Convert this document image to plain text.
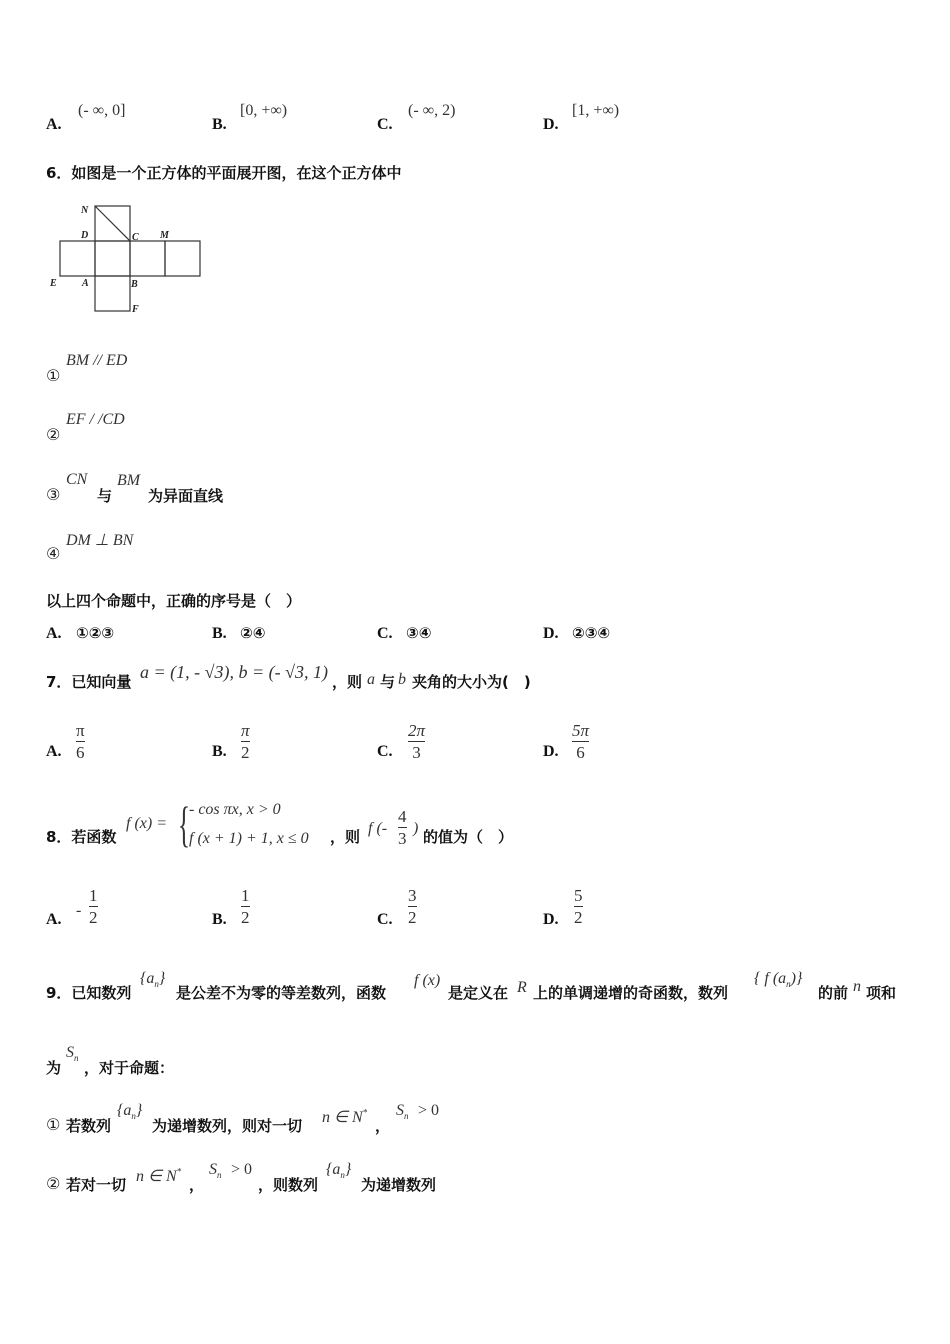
A.
(- ∞, 0]
B.
[0, +∞)
C.
(- ∞, 2)
D.
[1, +∞)
6．如图是一个正方体的平面展开图，在这个正方体中
N
D	C M
E	A	B
F
①
BM // ED
②
EF / /CD
③
CN
与
BM
为异面直线
④
DM ⊥ BN
以上四个命题中，正确的序号是（　）
A. ①②③	B. ②④	C. ③④	D. ②③④
7．已知向量 a = (1, - √3), b = (- √3, 1) ，则 a 与 b 夹角的大小为(　)
A.
π
6	B.
π
2	C.
2π
3	D.
5π
6
8．若函数
f (x) = { - cos πx, x > 0
f (x + 1) + 1, x ≤ 0 ，则 f (-
4
3
) 的值为（　）
A.
-
1
2	B.
1
2	C.
3
2	D.
5
2
9．已知数列
$\{a_n\}$
是公差不为零的等差数列，函数
f (x)
是定义在 R 上的单调递增的奇函数，数列
{ f $(a_n)$}
的前 n 项和
为
$S_n$
，对于命题：
① 若数列
$\{a_n\}$
为递增数列，则对一切 n ∈ N*
，
$S_n > 0$
② 若对一切 n ∈ N*
，
$S_n > 0$
，则数列
$\{a_n\}$
为递增数列
